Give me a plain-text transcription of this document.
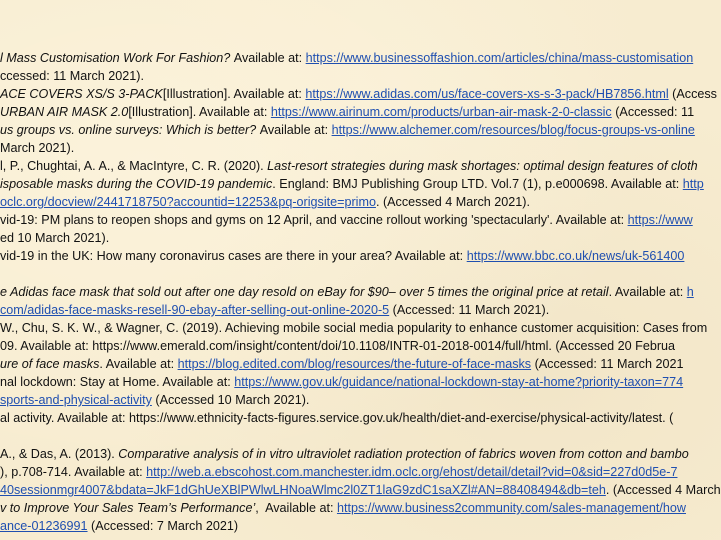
l Mass Customisation Work For Fashion? Available at: https://www.businessoffashion.com/articles/china/mass-customisation
ccessed: 11 March 2021).
ACE COVERS XS/S 3-PACK[Illustration]. Available at: https://www.adidas.com/us/face-covers-xs-s-3-pack/HB7856.html (Access
URBAN AIR MASK 2.0[Illustration]. Available at: https://www.airinum.com/products/urban-air-mask-2-0-classic (Accessed: 11
us groups vs. online surveys: Which is better? Available at: https://www.alchemer.com/resources/blog/focus-groups-vs-online
March 2021).
l, P., Chughtai, A. A., & MacIntyre, C. R. (2020). Last-resort strategies during mask shortages: optimal design features of cloth
isposable masks during the COVID-19 pandemic. England: BMJ Publishing Group LTD. Vol.7 (1), p.e000698. Available at: http
oclc.org/docview/2441718750?accountid=12253&pq-origsite=primo. (Accessed 4 March 2021).
vid-19: PM plans to reopen shops and gyms on 12 April, and vaccine rollout working 'spectacularly'. Available at: https://www
ed 10 March 2021).
vid-19 in the UK: How many coronavirus cases are there in your area? Available at: https://www.bbc.co.uk/news/uk-561400
e Adidas face mask that sold out after one day resold on eBay for $90– over 5 times the original price at retail. Available at: h
com/adidas-face-masks-resell-90-ebay-after-selling-out-online-2020-5 (Accessed: 11 March 2021).
W., Chu, S. K. W., & Wagner, C. (2019). Achieving mobile social media popularity to enhance customer acquisition: Cases from
09. Available at: https://www.emerald.com/insight/content/doi/10.1108/INTR-01-2018-0014/full/html. (Accessed 20 Februa
ure of face masks. Available at: https://blog.edited.com/blog/resources/the-future-of-face-masks (Accessed: 11 March 2021
nal lockdown: Stay at Home. Available at: https://www.gov.uk/guidance/national-lockdown-stay-at-home?priority-taxon=774
sports-and-physical-activity (Accessed 10 March 2021).
al activity. Available at: https://www.ethnicity-facts-figures.service.gov.uk/health/diet-and-exercise/physical-activity/latest. (
A., & Das, A. (2013). Comparative analysis of in vitro ultraviolet radiation protection of fabrics woven from cotton and bambo
), p.708-714. Available at: http://web.a.ebscohost.com.manchester.idm.oclc.org/ehost/detail/detail?vid=0&sid=227d0d5e-7
40sessionmgr4007&bdata=JkF1dGhUeXBlPWlwLHNoaWlmc2l0ZT1laG9zdC1saXZl#AN=88408494&db=teh. (Accessed 4 March
v to Improve Your Sales Team’s Performance’,  Available at: https://www.business2community.com/sales-management/how
ance-01236991 (Accessed: 7 March 2021)
